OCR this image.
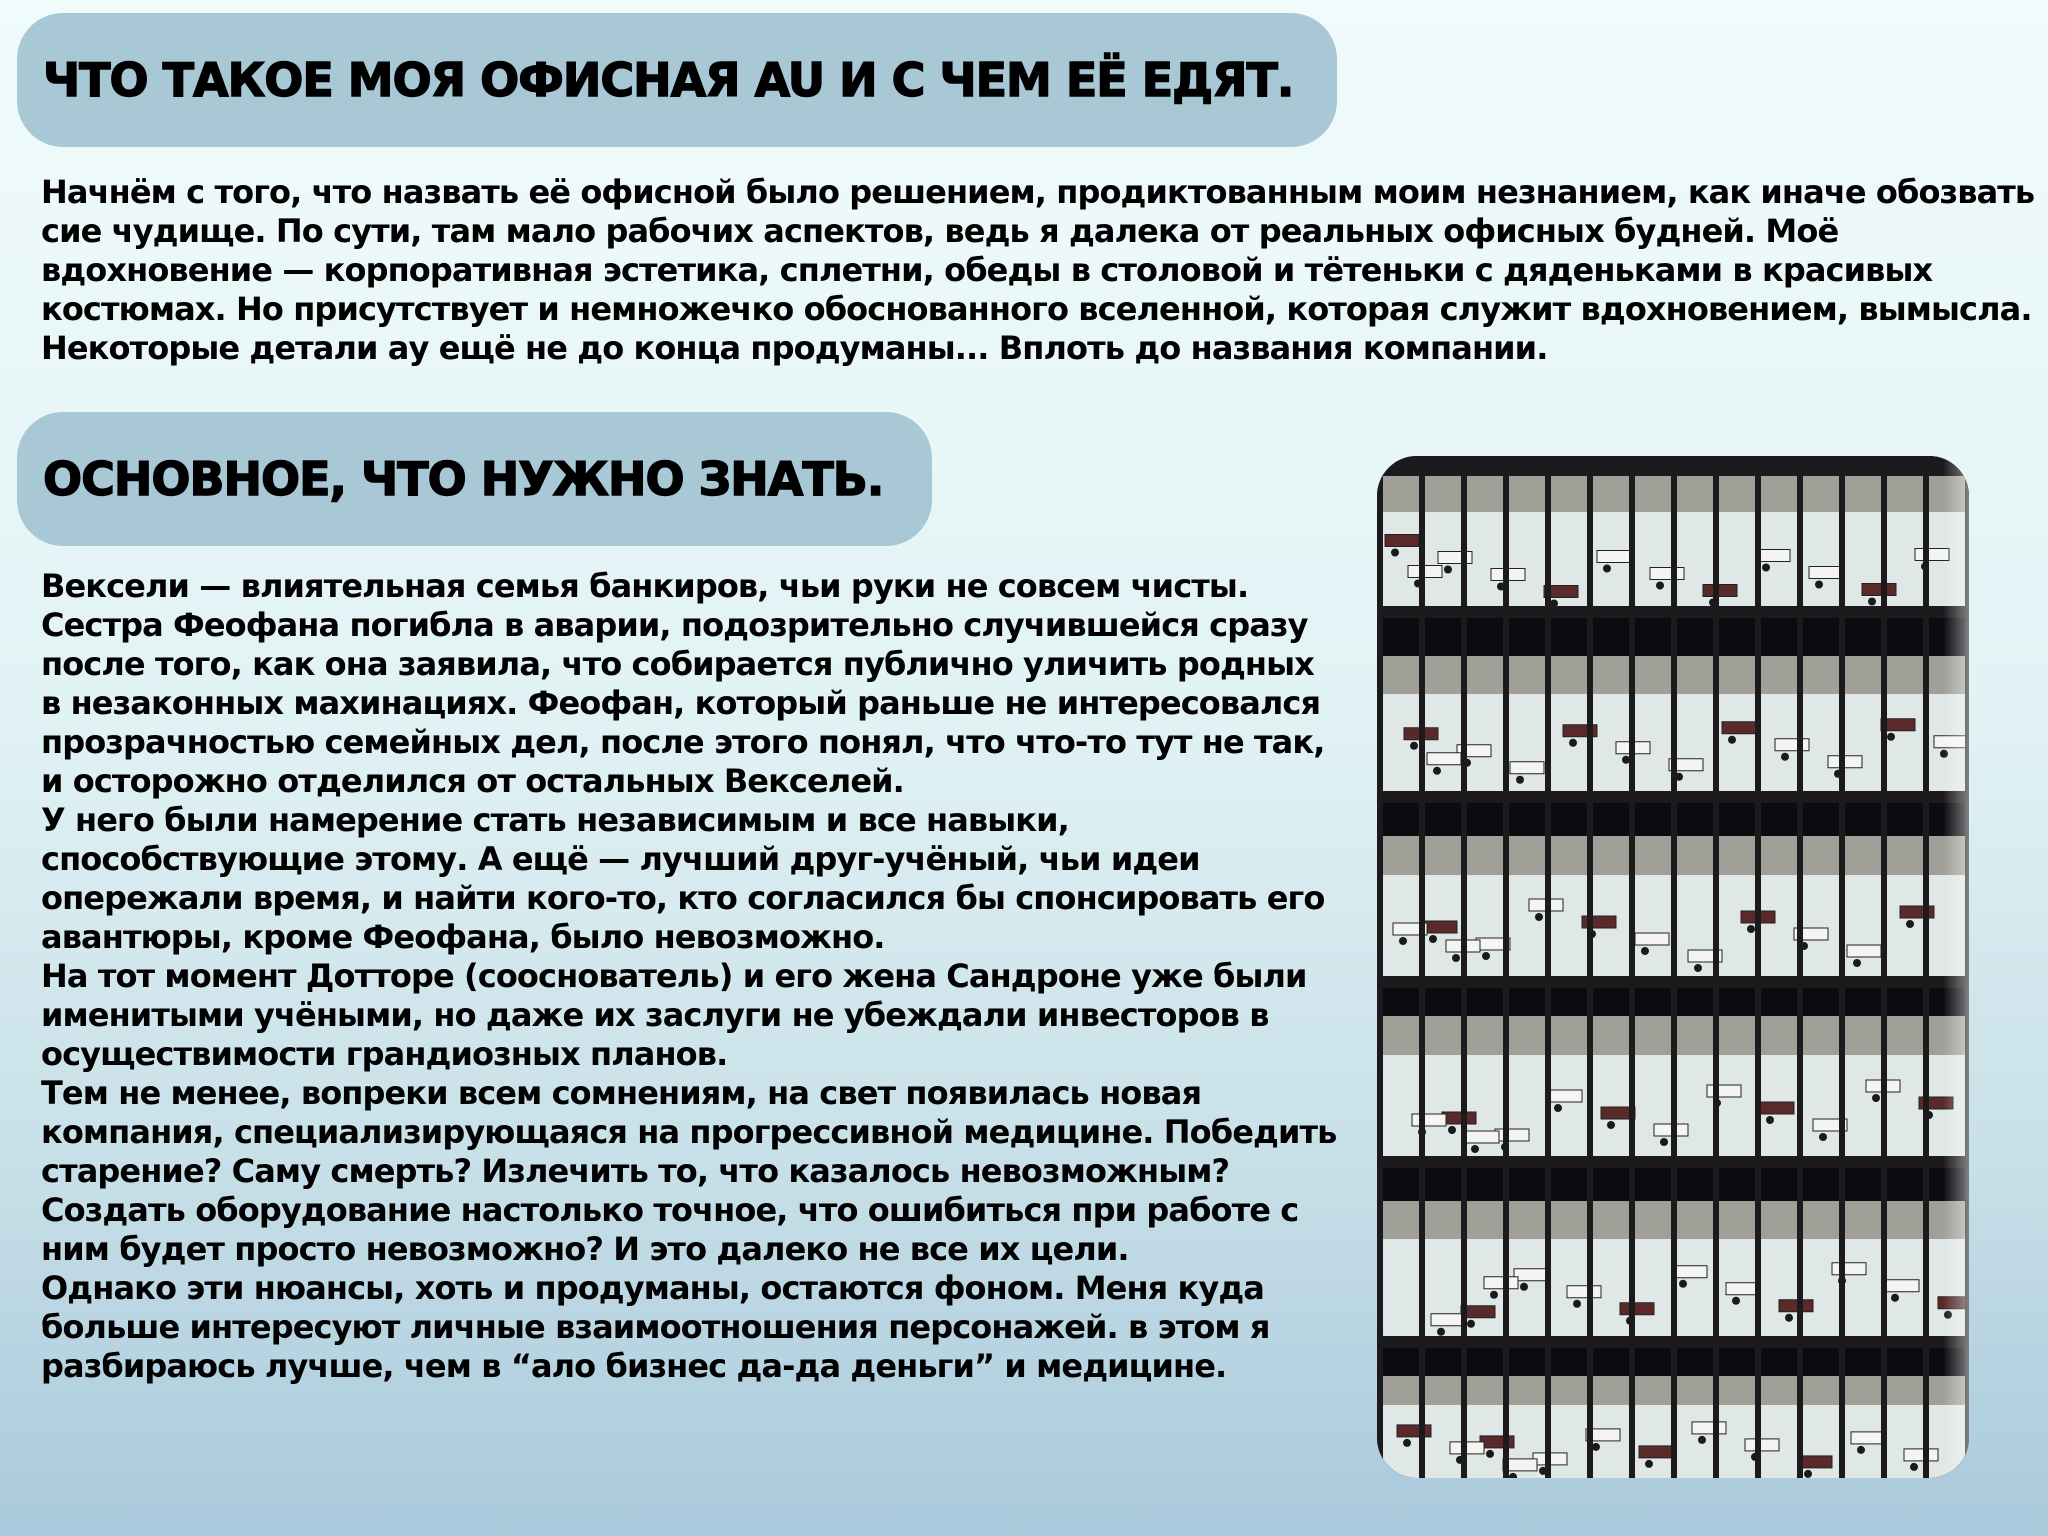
ЧТО ТАКОЕ МОЯ ОФИСНАЯ AU И С ЧЕМ ЕЁ ЕДЯТ.

Начнём с того, что назвать её офисной было решением, продиктованным моим незнанием, как иначе обозвать сие чудище. По сути, там мало рабочих аспектов, ведь я далека от реальных офисных будней. Моё вдохновение — корпоративная эстетика, сплетни, обеды в столовой и тётеньки с дяденьками в красивых костюмах. Но присутствует и немножечко обоснованного вселенной, которая служит вдохновением, вымысла.

Некоторые детали ау ещё не до конца продуманы... Вплоть до названия компании.

ОСНОВНОЕ, ЧТО НУЖНО ЗНАТЬ.

Вексели — влиятельная семья банкиров, чьи руки не совсем чисты. Сестра Феофана погибла в аварии, подозрительно случившейся сразу после того, как она заявила, что собирается публично уличить родных в незаконных махинациях. Феофан, который раньше не интересовался прозрачностью семейных дел, после этого понял, что что-то тут не так, и осторожно отделился от остальных Векселей.

У него были намерение стать независимым и все навыки, способствующие этому. А ещё — лучший друг-учёный, чьи идеи опережали время, и найти кого-то, кто согласился бы спонсировать его авантюры, кроме Феофана, было невозможно.

На тот момент Дотторе (сооснователь) и его жена Сандроне уже были именитыми учёными, но даже их заслуги не убеждали инвесторов в осуществимости грандиозных планов.

Тем не менее, вопреки всем сомнениям, на свет появилась новая компания, специализирующаяся на прогрессивной медицине. Победить старение? Саму смерть? Излечить то, что казалось невозможным? Создать оборудование настолько точное, что ошибиться при работе с ним будет просто невозможно? И это далеко не все их цели.

Однако эти нюансы, хоть и продуманы, остаются фоном. Меня куда больше интересуют личные взаимоотношения персонажей. в этом я разбираюсь лучше, чем в “ало бизнес да-да деньги” и медицине.
